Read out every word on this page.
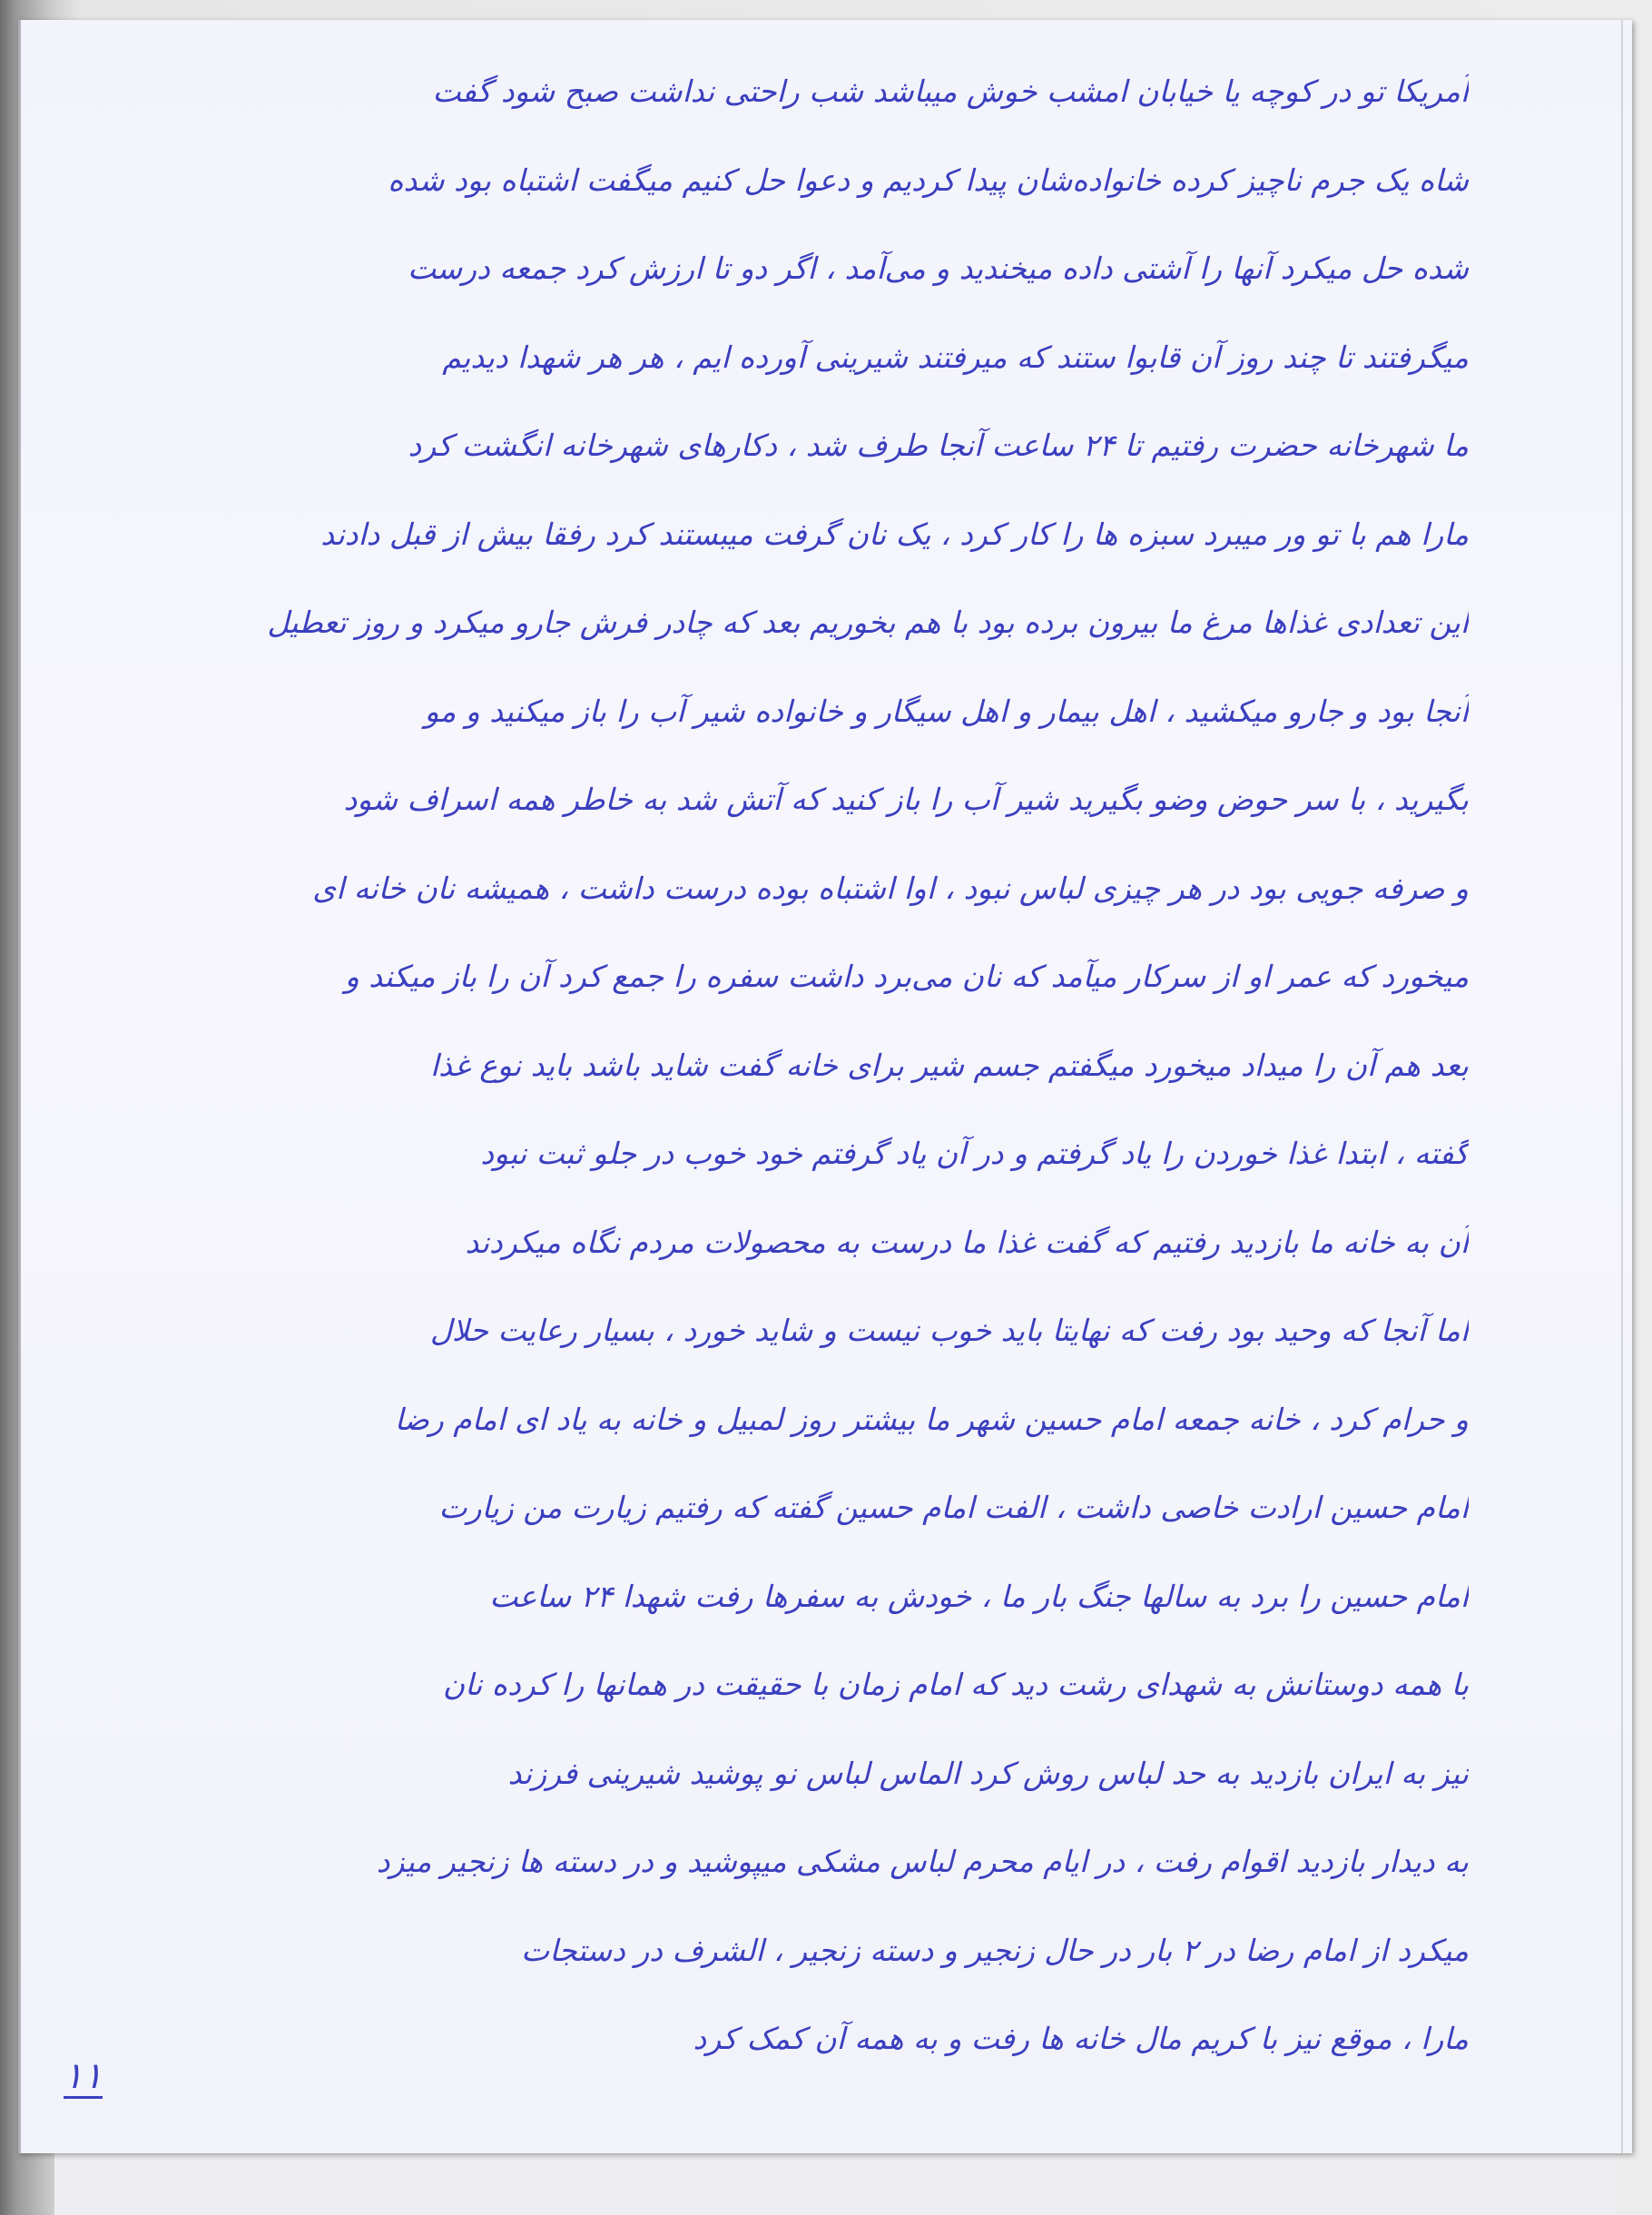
آمریکا تو در کوچه یا خیابان امشب خوش میباشد شب راحتی نداشت صبح شود گفت
شاه یک جرم ناچیز کرده خانواده‌شان پیدا کردیم و دعوا حل کنیم میگفت اشتباه بود شده
شده حل میکرد آنها را آشتی داده میخندید و می‌آمد ، اگر دو تا ارزش کرد جمعه درست
میگرفتند تا چند روز آن قابوا ستند که میرفتند شیرینی آورده ایم ، هر هر شهدا دیدیم
ما شهرخانه حضرت رفتیم تا ۲۴ ساعت آنجا طرف شد ، دکارهای شهرخانه انگشت کرد
مارا هم با تو ور میبرد سبزه ها را کار کرد ، یک نان گرفت میبستند کرد رفقا بیش از قبل دادند
این تعدادی غذاها مرغ ما بیرون برده بود با هم بخوریم بعد که چادر فرش جارو میکرد و روز تعطیل
آنجا بود و جارو میکشید ، اهل بیمار و اهل سیگار و خانواده شیر آب را باز میکنید و مو
بگیرید ، با سر حوض وضو بگیرید شیر آب را باز کنید که آتش شد به خاطر همه اسراف شود
و صرفه جویی بود در هر چیزی لباس نبود ، اوا اشتباه بوده درست داشت ، همیشه نان خانه ای
میخورد که عمر او از سرکار میآمد که نان می‌برد داشت سفره را جمع کرد آن را باز میکند و
بعد هم آن را میداد میخورد میگفتم جسم شیر برای خانه گفت شاید باشد باید نوع غذا
گفته ، ابتدا غذا خوردن را یاد گرفتم و در آن یاد گرفتم خود خوب در جلو ثبت نبود
آن به خانه ما بازدید رفتیم که گفت غذا ما درست به محصولات مردم نگاه میکردند
اما آنجا که وحید بود رفت که نهایتا باید خوب نیست و شاید خورد ، بسیار رعایت حلال
و حرام کرد ، خانه جمعه امام حسین شهر ما بیشتر روز لمبیل و خانه به یاد ای امام رضا
امام حسین ارادت خاصی داشت ، الفت امام حسین گفته که رفتیم زیارت من زیارت
امام حسین را برد به سالها جنگ بار ما ، خودش به سفرها رفت شهدا ۲۴ ساعت
با همه دوستانش به شهدای رشت دید که امام زمان با حقیقت در همانها را کرده نان
نیز به ایران بازدید به حد لباس روش کرد الماس لباس نو پوشید شیرینی فرزند
به دیدار بازدید اقوام رفت ، در ایام محرم لباس مشکی میپوشید و در دسته ها زنجیر میزد
میکرد از امام رضا در ۲ بار در حال زنجیر و دسته زنجیر ، الشرف در دستجات
مارا ، موقع نیز با کریم مال خانه ها رفت و به همه آن کمک کرد
۱۱
